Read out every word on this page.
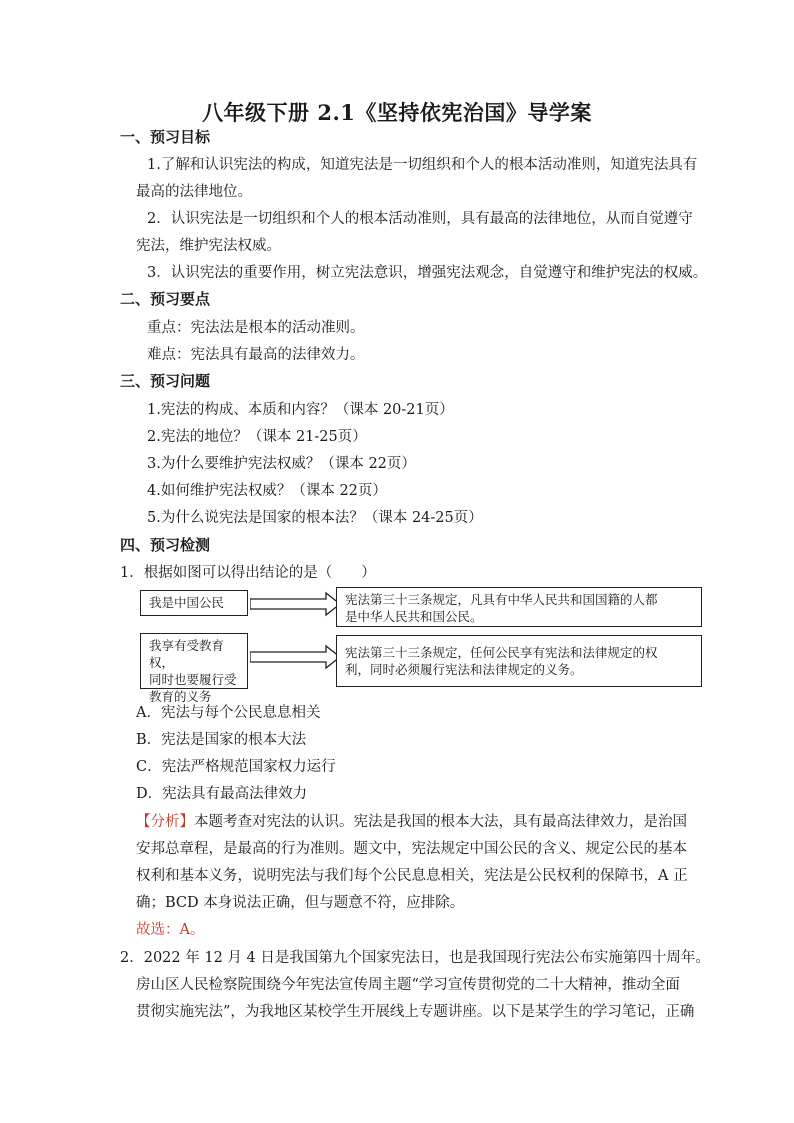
八年级下册 2.1《坚持依宪治国》导学案
一、预习目标
1.了解和认识宪法的构成，知道宪法是一切组织和个人的根本活动准则，知道宪法具有
最高的法律地位。
2．认识宪法是一切组织和个人的根本活动准则，具有最高的法律地位，从而自觉遵守
宪法，维护宪法权威。
3．认识宪法的重要作用，树立宪法意识，增强宪法观念，自觉遵守和维护宪法的权威。
二、预习要点
重点：宪法法是根本的活动准则。
难点：宪法具有最高的法律效力。
三、预习问题
1.宪法的构成、本质和内容？（课本 20-21页）
2.宪法的地位？（课本 21-25页）
3.为什么要维护宪法权威？（课本 22页）
4.如何维护宪法权威？（课本 22页）
5.为什么说宪法是国家的根本法？（课本 24-25页）
四、预习检测
1．根据如图可以得出结论的是（　　）
我是中国公民	宪法第三十三条规定，凡具有中华人民共和国国籍的人都
是中华人民共和国公民。
我享有受教育权，
同时也要履行受
教育的义务
宪法第三十三条规定，任何公民享有宪法和法律规定的权
利，同时必须履行宪法和法律规定的义务。
A．宪法与每个公民息息相关
B．宪法是国家的根本大法
C．宪法严格规范国家权力运行
D．宪法具有最高法律效力
【分析】本题考查对宪法的认识。宪法是我国的根本大法，具有最高法律效力，是治国
安邦总章程，是最高的行为准则。题文中，宪法规定中国公民的含义、规定公民的基本
权利和基本义务，说明宪法与我们每个公民息息相关，宪法是公民权利的保障书，A 正
确；BCD 本身说法正确，但与题意不符，应排除。
故选：A。
2．2022 年 12 月 4 日是我国第九个国家宪法日，也是我国现行宪法公布实施第四十周年。
房山区人民检察院围绕今年宪法宣传周主题“学习宣传贯彻党的二十大精神，推动全面
贯彻实施宪法”，为我地区某校学生开展线上专题讲座。以下是某学生的学习笔记，正确
